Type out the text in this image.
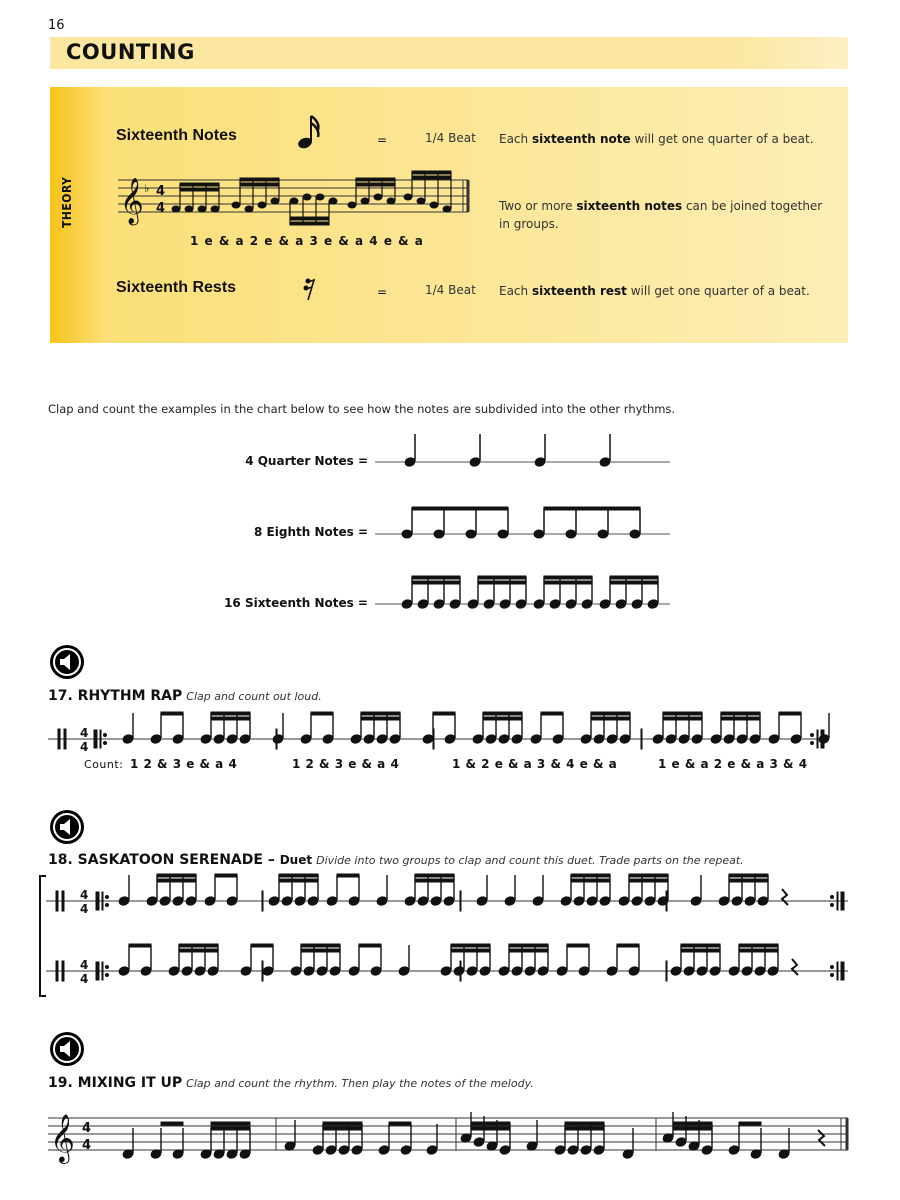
16
COUNTING
THEORY
Sixteenth Notes	=	1/4 Beat Each sixteenth note will get one quarter of a beat.
𝄞 ♭ 4
4
1 e & a 2 e & a 3 e & a 4 e & a
Two or more sixteenth notes can be joined together in groups.
Sixteenth Rests	=	1/4 Beat Each sixteenth rest will get one quarter of a beat.
Clap and count the examples in the chart below to see how the notes are subdivided into the other rhythms.
4 Quarter Notes =
8 Eighth Notes =
16 Sixteenth Notes =
17. RHYTHM RAP Clap and count out loud.
4
4
Count: 1 2 & 3 e & a 4	1 2 & 3 e & a 4	1 & 2 e & a 3 & 4 e & a	1 e & a 2 e & a 3 & 4
18. SASKATOON SERENADE – Duet Divide into two groups to clap and count this duet. Trade parts on the repeat.
4
4
4
4
19. MIXING IT UP Clap and count the rhythm. Then play the notes of the melody.
𝄞 4
4
